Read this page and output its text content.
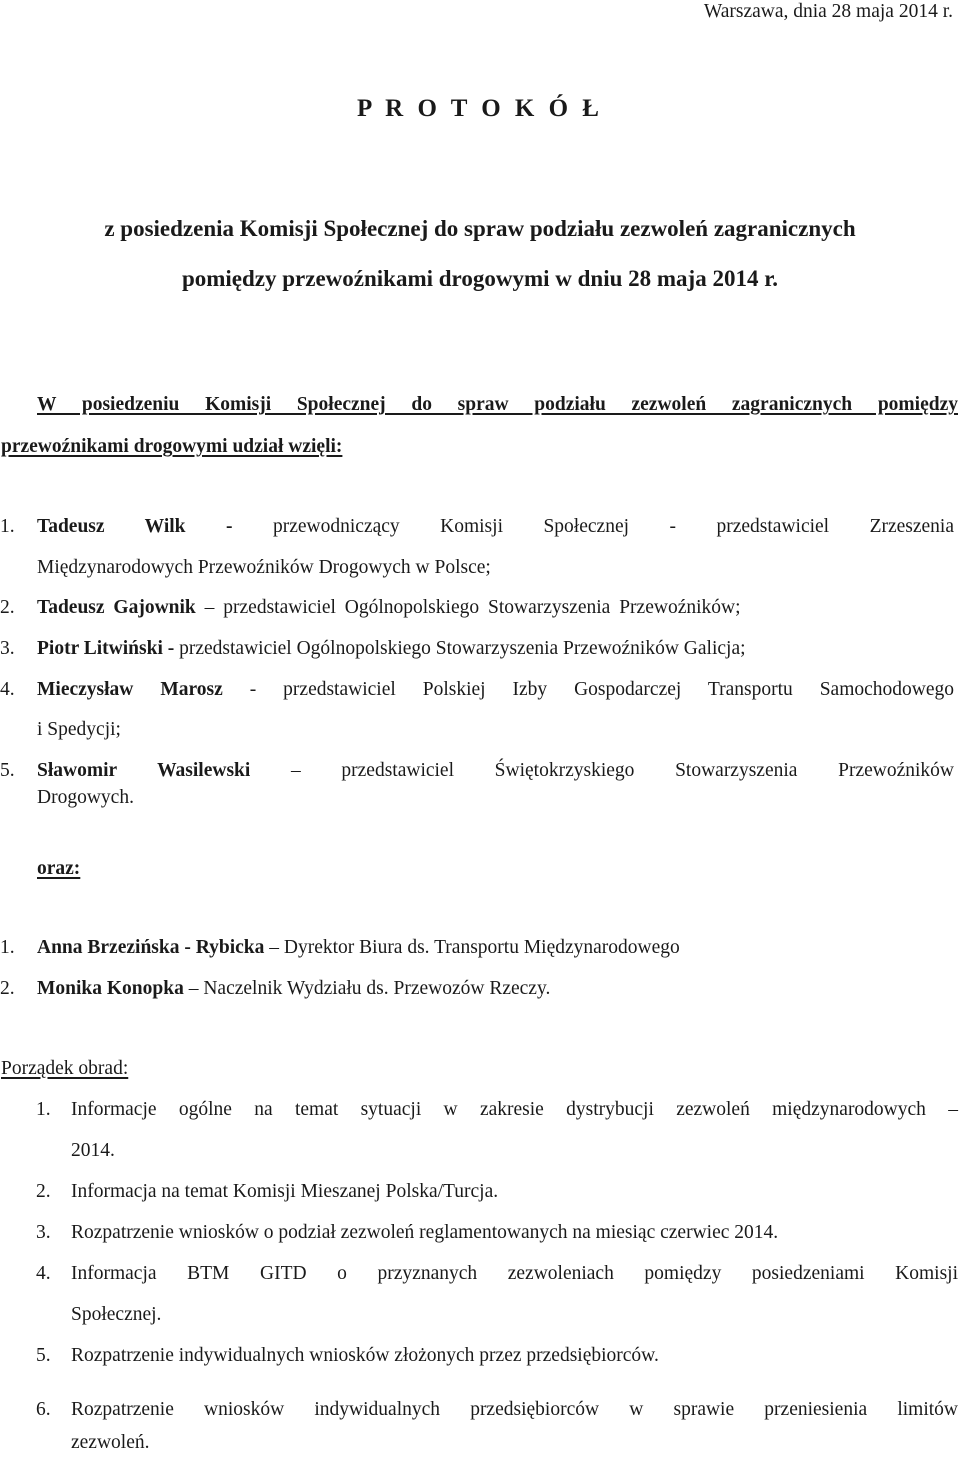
Warszawa, dnia 28 maja 2014 r.
P R O T O K Ó Ł
z posiedzenia Komisji Społecznej do spraw podziału zezwoleń zagranicznych
pomiędzy przewoźnikami drogowymi w dniu 28 maja 2014 r.
W posiedzeniu Komisji Społecznej do spraw podziału zezwoleń zagranicznych pomiędzy
przewoźnikami drogowymi udział wzięli:
1. Tadeusz Wilk - przewodniczący Komisji Społecznej - przedstawiciel Zrzeszenia
Międzynarodowych Przewoźników Drogowych w Polsce;
2. Tadeusz Gajownik – przedstawiciel Ogólnopolskiego Stowarzyszenia Przewoźników;
3. Piotr Litwiński - przedstawiciel Ogólnopolskiego Stowarzyszenia Przewoźników Galicja;
4. Mieczysław Marosz - przedstawiciel Polskiej Izby Gospodarczej Transportu Samochodowego
i Spedycji;
5. Sławomir Wasilewski – przedstawiciel Świętokrzyskiego Stowarzyszenia Przewoźników
Drogowych.
oraz:
1. Anna Brzezińska - Rybicka – Dyrektor Biura ds. Transportu Międzynarodowego
2. Monika Konopka – Naczelnik Wydziału ds. Przewozów Rzeczy.
Porządek obrad:
1. Informacje ogólne na temat sytuacji w zakresie dystrybucji zezwoleń międzynarodowych –
2014.
2. Informacja na temat Komisji Mieszanej Polska/Turcja.
3. Rozpatrzenie wniosków o podział zezwoleń reglamentowanych na miesiąc czerwiec 2014.
4. Informacja BTM GITD o przyznanych zezwoleniach pomiędzy posiedzeniami Komisji
Społecznej.
5. Rozpatrzenie indywidualnych wniosków złożonych przez przedsiębiorców.
6. Rozpatrzenie wniosków indywidualnych przedsiębiorców w sprawie przeniesienia limitów
zezwoleń.
